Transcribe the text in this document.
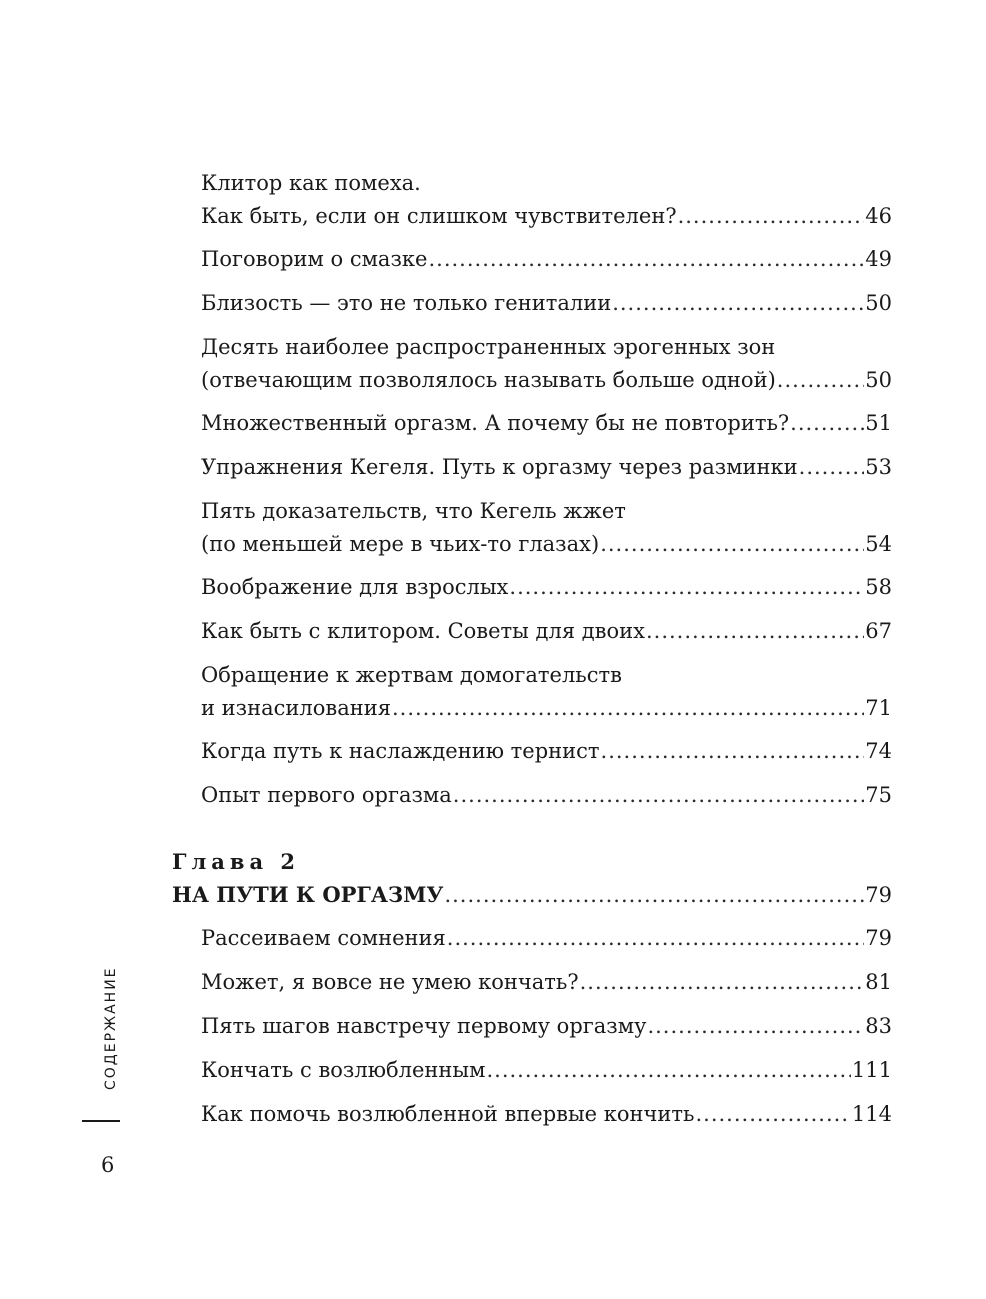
Клитор как помеха.
Как быть, если он слишком чувствителен? .....	46
Поговорим о смазке .....	49
Близость — это не только гениталии .....	50
Десять наиболее распространенных эрогенных зон
(отвечающим позволялось называть больше одной) .....	50
Множественный оргазм. А почему бы не повторить? .....	51
Упражнения Кегеля. Путь к оргазму через разминки .....	53
Пять доказательств, что Кегель жжет
(по меньшей мере в чьих-то глазах) .....	54
Воображение для взрослых .....	58
Как быть с клитором. Советы для двоих .....	67
Обращение к жертвам домогательств
и изнасилования .....	71
Когда путь к наслаждению тернист .....	74
Опыт первого оргазма .....	75
Глава 2
НА ПУТИ К ОРГАЗМУ .....	79
Рассеиваем сомнения .....	79
Может, я вовсе не умею кончать? .....	81
Пять шагов навстречу первому оргазму .....	83
Кончать с возлюбленным .....	111
Как помочь возлюбленной впервые кончить .....	114
СОДЕРЖАНИЕ
6
